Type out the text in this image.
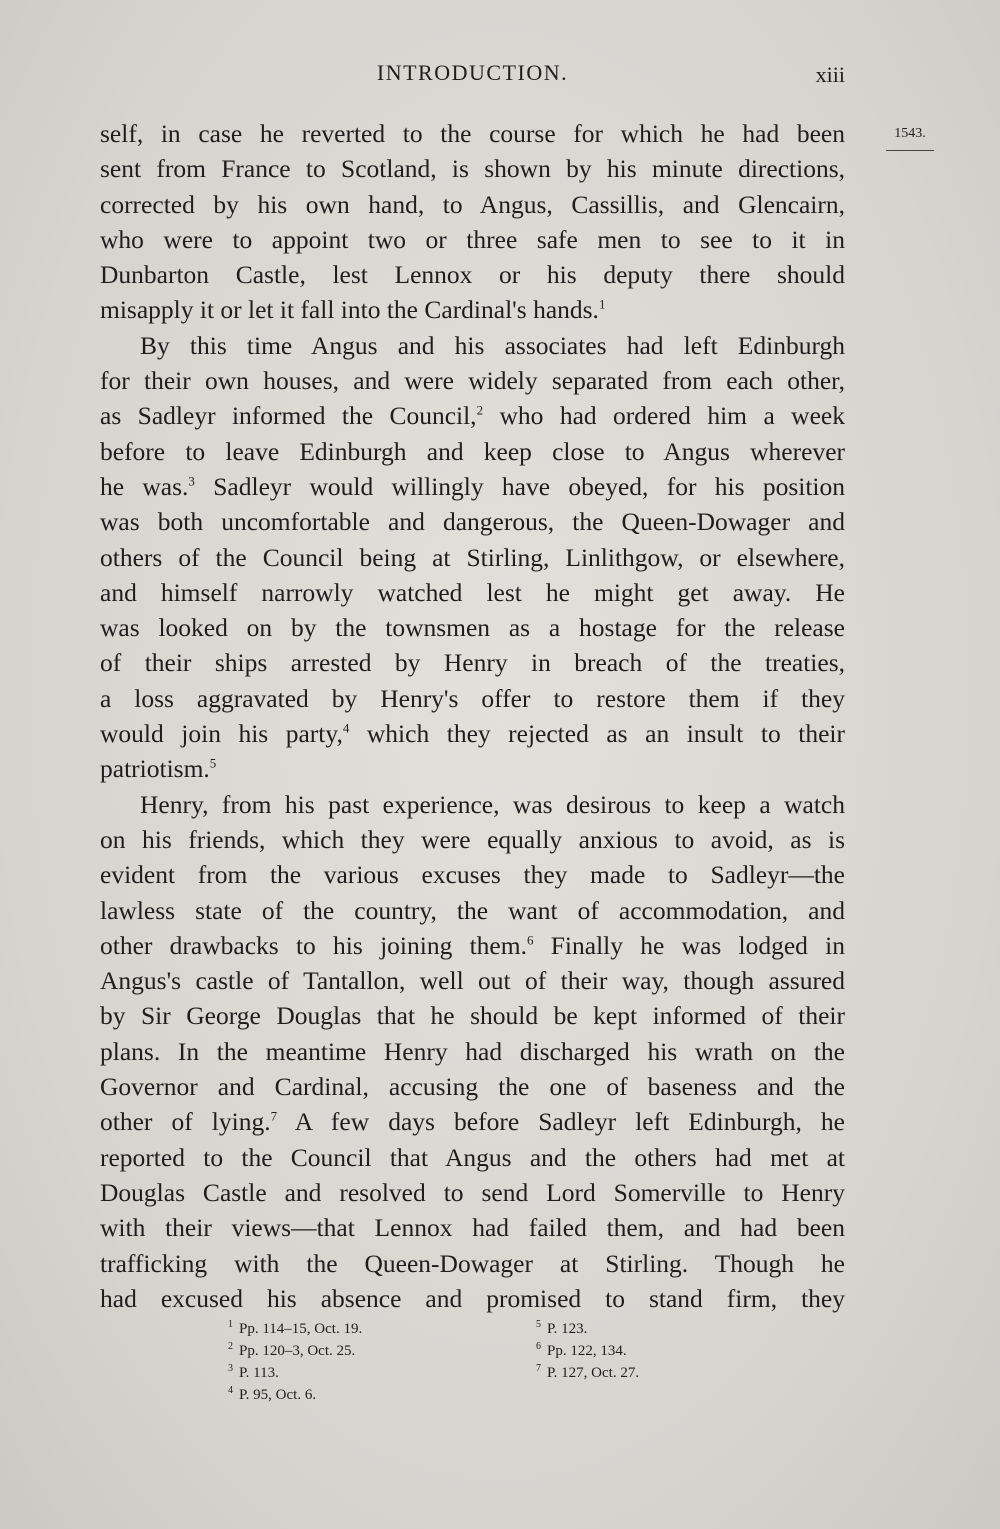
INTRODUCTION.	xiii
1543.
self, in case he reverted to the course for which he had been
sent from France to Scotland, is shown by his minute directions,
corrected by his own hand, to Angus, Cassillis, and Glencairn,
who were to appoint two or three safe men to see to it in
Dunbarton Castle, lest Lennox or his deputy there should
misapply it or let it fall into the Cardinal's hands.$^1$
By this time Angus and his associates had left Edinburgh
for their own houses, and were widely separated from each other,
as Sadleyr informed the Council,$^2$ who had ordered him a week
before to leave Edinburgh and keep close to Angus wherever
he was.$^3$ Sadleyr would willingly have obeyed, for his position
was both uncomfortable and dangerous, the Queen-Dowager and
others of the Council being at Stirling, Linlithgow, or elsewhere,
and himself narrowly watched lest he might get away. He
was looked on by the townsmen as a hostage for the release
of their ships arrested by Henry in breach of the treaties,
a loss aggravated by Henry's offer to restore them if they
would join his party,$^4$ which they rejected as an insult to their
patriotism.$^5$
Henry, from his past experience, was desirous to keep a watch
on his friends, which they were equally anxious to avoid, as is
evident from the various excuses they made to Sadleyr—the
lawless state of the country, the want of accommodation, and
other drawbacks to his joining them.$^6$ Finally he was lodged in
Angus's castle of Tantallon, well out of their way, though assured
by Sir George Douglas that he should be kept informed of their
plans. In the meantime Henry had discharged his wrath on the
Governor and Cardinal, accusing the one of baseness and the
other of lying.$^7$ A few days before Sadleyr left Edinburgh, he
reported to the Council that Angus and the others had met at
Douglas Castle and resolved to send Lord Somerville to Henry
with their views—that Lennox had failed them, and had been
trafficking with the Queen-Dowager at Stirling. Though he
had excused his absence and promised to stand firm, they
$^1$ Pp. 114–15, Oct. 19.
$^2$ Pp. 120–3, Oct. 25.
$^3$ P. 113.
$^4$ P. 95, Oct. 6.
$^5$ P. 123.
$^6$ Pp. 122, 134.
$^7$ P. 127, Oct. 27.
